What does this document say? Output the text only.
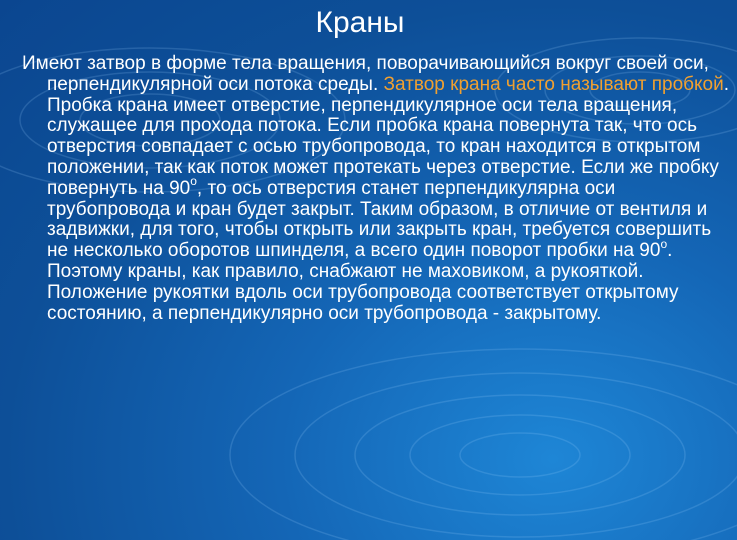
Краны

Имеют затвор в форме тела вращения, поворачивающийся вокруг своей оси, перпендикулярной оси потока среды. Затвор крана часто называют пробкой. Пробка крана имеет отверстие, перпендикулярное оси тела вращения, служащее для прохода потока. Если пробка крана повернута так, что ось отверстия совпадает с осью трубопровода, то кран находится в открытом положении, так как поток может протекать через отверстие. Если же пробку повернуть на $90^о$, то ось отверстия станет перпендикулярна оси трубопровода и кран будет закрыт. Таким образом, в отличие от вентиля и задвижки, для того, чтобы открыть или закрыть кран, требуется совершить не несколько оборотов шпинделя, а всего один поворот пробки на $90^о$. Поэтому краны, как правило, снабжают не маховиком, а рукояткой. Положение рукоятки вдоль оси трубопровода соответствует открытому состоянию, а перпендикулярно оси трубопровода - закрытому.
